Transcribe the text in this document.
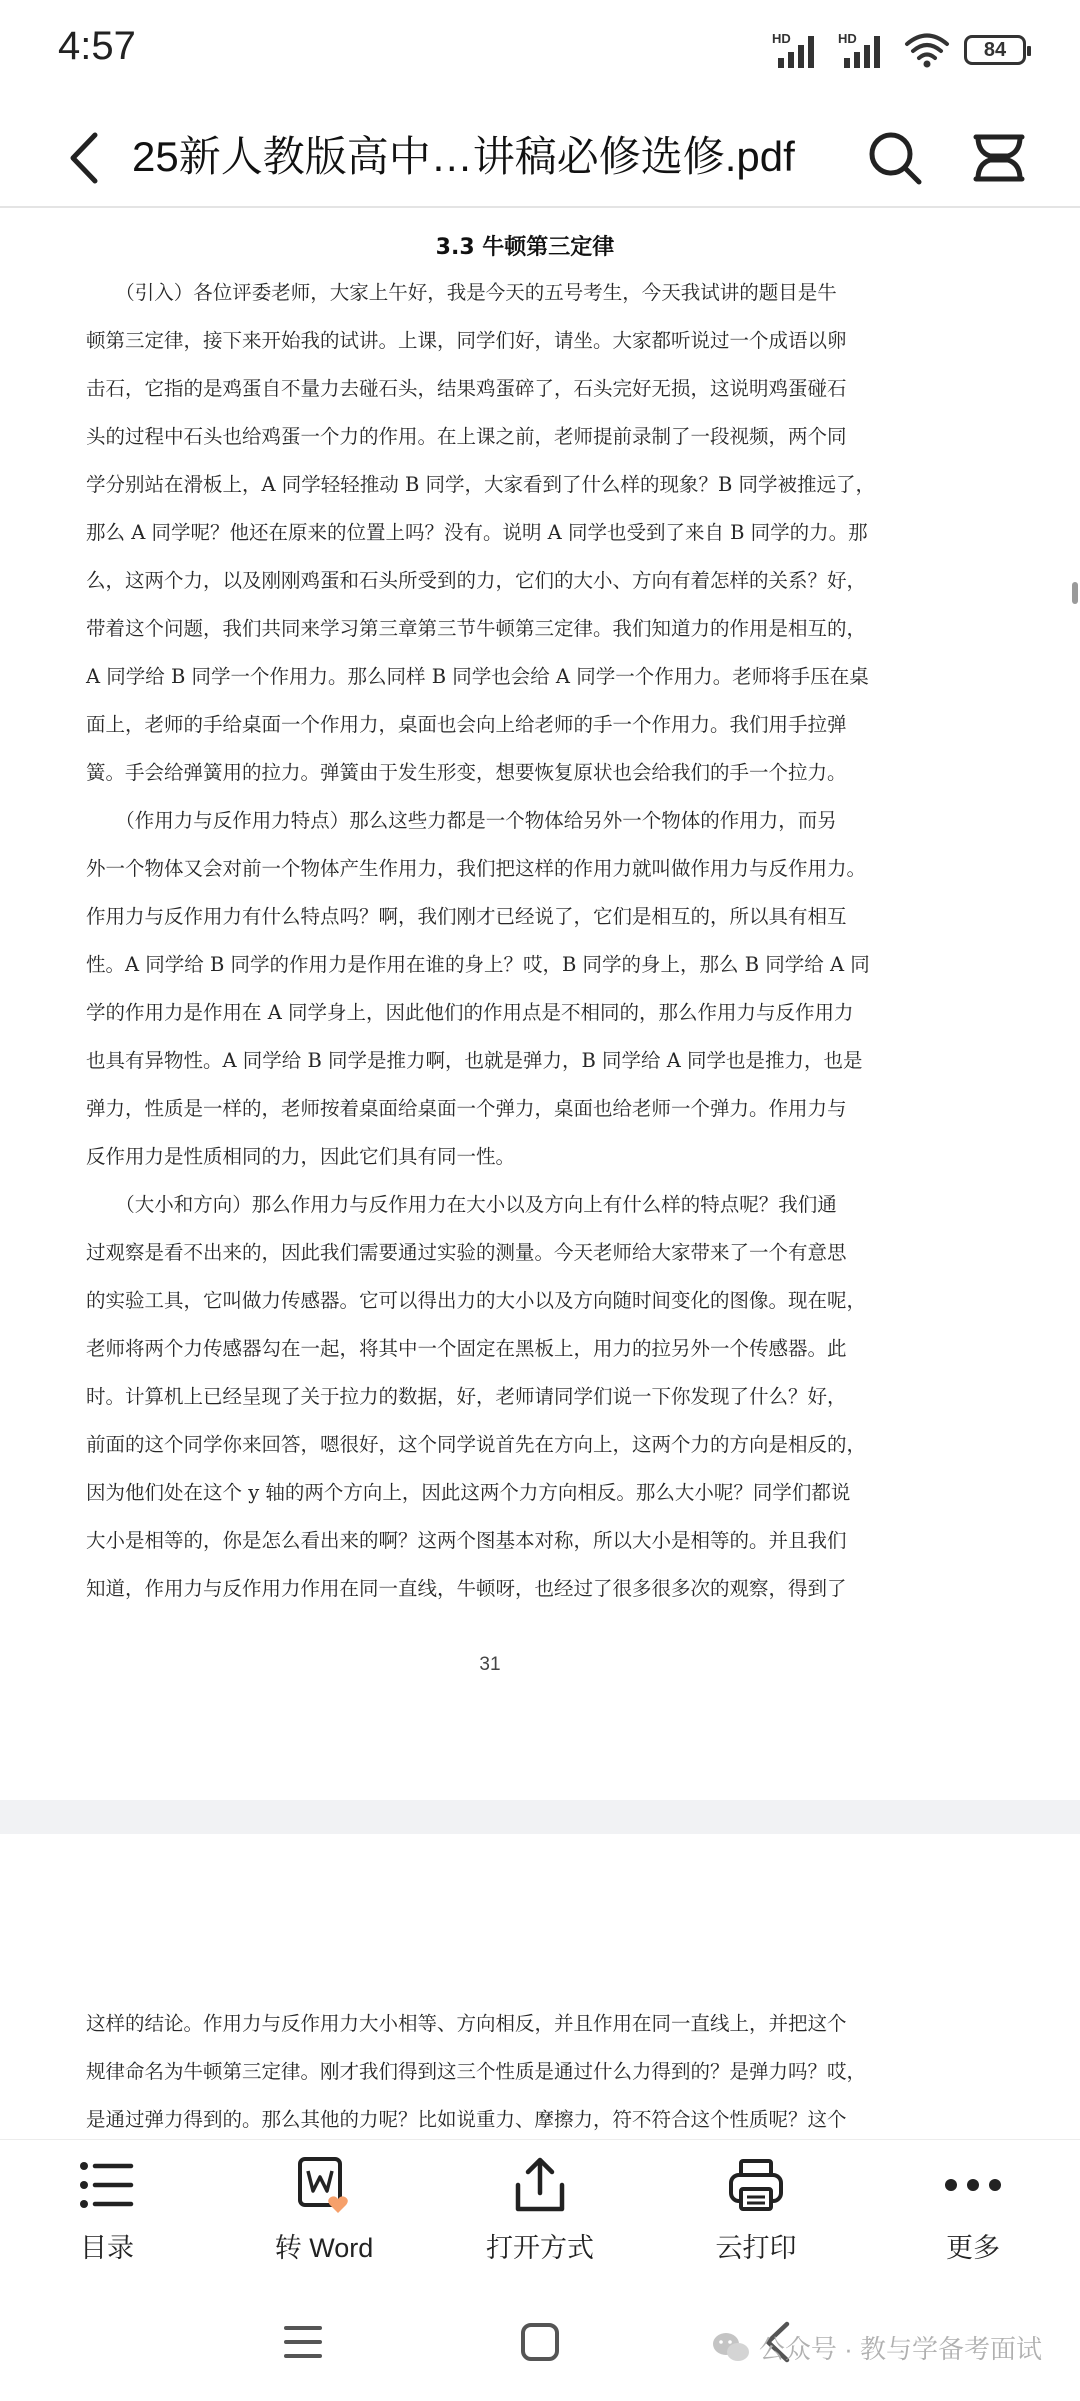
4:57	HD	HD	84
25新人教版高中…讲稿必修选修.pdf
3.3 牛顿第三定律
　　（引入）各位评委老师，大家上午好，我是今天的五号考生，今天我试讲的题目是牛
顿第三定律，接下来开始我的试讲。上课，同学们好，请坐。大家都听说过一个成语以卵
击石，它指的是鸡蛋自不量力去碰石头，结果鸡蛋碎了，石头完好无损，这说明鸡蛋碰石
头的过程中石头也给鸡蛋一个力的作用。在上课之前，老师提前录制了一段视频，两个同
学分别站在滑板上，A 同学轻轻推动 B 同学，大家看到了什么样的现象？B 同学被推远了，
那么 A 同学呢？他还在原来的位置上吗？没有。说明 A 同学也受到了来自 B 同学的力。那
么，这两个力，以及刚刚鸡蛋和石头所受到的力，它们的大小、方向有着怎样的关系？好，
带着这个问题，我们共同来学习第三章第三节牛顿第三定律。我们知道力的作用是相互的，
A 同学给 B 同学一个作用力。那么同样 B 同学也会给 A 同学一个作用力。老师将手压在桌
面上，老师的手给桌面一个作用力，桌面也会向上给老师的手一个作用力。我们用手拉弹
簧。手会给弹簧用的拉力。弹簧由于发生形变，想要恢复原状也会给我们的手一个拉力。
　　（作用力与反作用力特点）那么这些力都是一个物体给另外一个物体的作用力，而另
外一个物体又会对前一个物体产生作用力，我们把这样的作用力就叫做作用力与反作用力。
作用力与反作用力有什么特点吗？啊，我们刚才已经说了，它们是相互的，所以具有相互
性。A 同学给 B 同学的作用力是作用在谁的身上？哎，B 同学的身上，那么 B 同学给 A 同
学的作用力是作用在 A 同学身上，因此他们的作用点是不相同的，那么作用力与反作用力
也具有异物性。A 同学给 B 同学是推力啊，也就是弹力，B 同学给 A 同学也是推力，也是
弹力，性质是一样的，老师按着桌面给桌面一个弹力，桌面也给老师一个弹力。作用力与
反作用力是性质相同的力，因此它们具有同一性。
　　（大小和方向）那么作用力与反作用力在大小以及方向上有什么样的特点呢？我们通
过观察是看不出来的，因此我们需要通过实验的测量。今天老师给大家带来了一个有意思
的实验工具，它叫做力传感器。它可以得出力的大小以及方向随时间变化的图像。现在呢，
老师将两个力传感器勾在一起，将其中一个固定在黑板上，用力的拉另外一个传感器。此
时。计算机上已经呈现了关于拉力的数据，好，老师请同学们说一下你发现了什么？好，
前面的这个同学你来回答，嗯很好，这个同学说首先在方向上，这两个力的方向是相反的，
因为他们处在这个 y 轴的两个方向上，因此这两个力方向相反。那么大小呢？同学们都说
大小是相等的，你是怎么看出来的啊？这两个图基本对称，所以大小是相等的。并且我们
知道，作用力与反作用力作用在同一直线，牛顿呀，也经过了很多很多次的观察，得到了
31
这样的结论。作用力与反作用力大小相等、方向相反，并且作用在同一直线上，并把这个
规律命名为牛顿第三定律。刚才我们得到这三个性质是通过什么力得到的？是弹力吗？哎，
是通过弹力得到的。那么其他的力呢？比如说重力、摩擦力，符不符合这个性质呢？这个
目录	转 Word	打开方式	云打印	更多
公众号 · 教与学备考面试
